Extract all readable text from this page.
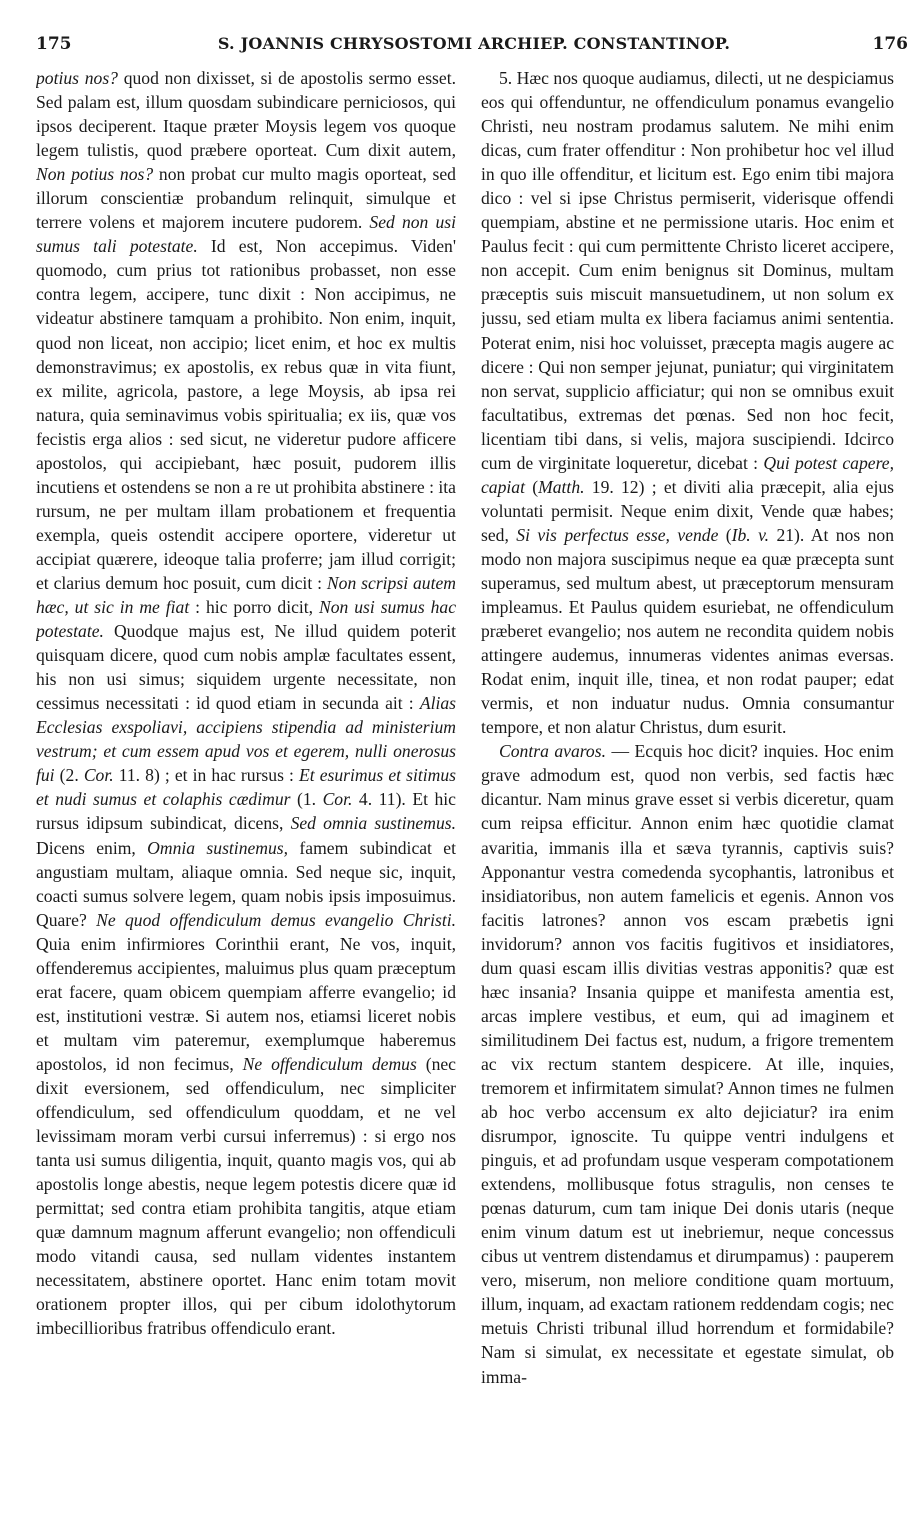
175	S. JOANNIS CHRYSOSTOMI ARCHIEP. CONSTANTINOP.	176

potius nos? quod non dixisset, si de apostolis sermo esset. Sed palam est, illum quosdam subindicare perniciosos, qui ipsos deciperent. Itaque præter Moysis legem vos quoque legem tulistis, quod præbere oporteat. Cum dixit autem, Non potius nos? non probat cur multo magis oporteat, sed illorum conscientiæ probandum relinquit, simulque et terrere volens et majorem incutere pudorem. Sed non usi sumus tali potestate. Id est, Non accepimus. Viden' quomodo, cum prius tot rationibus probasset, non esse contra legem, accipere, tunc dixit : Non accipimus, ne videatur abstinere tamquam a prohibito. Non enim, inquit, quod non liceat, non accipio; licet enim, et hoc ex multis demonstravimus; ex apostolis, ex rebus quæ in vita fiunt, ex milite, agricola, pastore, a lege Moysis, ab ipsa rei natura, quia seminavimus vobis spiritualia; ex iis, quæ vos fecistis erga alios : sed sicut, ne videretur pudore afficere apostolos, qui accipiebant, hæc posuit, pudorem illis incutiens et ostendens se non a re ut prohibita abstinere : ita rursum, ne per multam illam probationem et frequentia exempla, queis ostendit accipere oportere, videretur ut accipiat quærere, ideoque talia proferre; jam illud corrigit; et clarius demum hoc posuit, cum dicit : Non scripsi autem hæc, ut sic in me fiat : hic porro dicit, Non usi sumus hac potestate. Quodque majus est, Ne illud quidem poterit quisquam dicere, quod cum nobis amplæ facultates essent, his non usi simus; siquidem urgente necessitate, non cessimus necessitati : id quod etiam in secunda ait : Alias Ecclesias exspoliavi, accipiens stipendia ad ministerium vestrum; et cum essem apud vos et egerem, nulli onerosus fui (2. Cor. 11. 8) ; et in hac rursus : Et esurimus et sitimus et nudi sumus et colaphis cædimur (1. Cor. 4. 11). Et hic rursus idipsum subindicat, dicens, Sed omnia sustinemus. Dicens enim, Omnia sustinemus, famem subindicat et angustiam multam, aliaque omnia. Sed neque sic, inquit, coacti sumus solvere legem, quam nobis ipsis imposuimus. Quare? Ne quod offendiculum demus evangelio Christi. Quia enim infirmiores Corinthii erant, Ne vos, inquit, offenderemus accipientes, maluimus plus quam præceptum erat facere, quam obicem quempiam afferre evangelio; id est, institutioni vestræ. Si autem nos, etiamsi liceret nobis et multam vim pateremur, exemplumque haberemus apostolos, id non fecimus, Ne offendiculum demus (nec dixit eversionem, sed offendiculum, nec simpliciter offendiculum, sed offendiculum quoddam, et ne vel levissimam moram verbi cursui inferremus) : si ergo nos tanta usi sumus diligentia, inquit, quanto magis vos, qui ab apostolis longe abestis, neque legem potestis dicere quæ id permittat; sed contra etiam prohibita tangitis, atque etiam quæ damnum magnum afferunt evangelio; non offendiculi modo vitandi causa, sed nullam videntes instantem necessitatem, abstinere oportet. Hanc enim totam movit orationem propter illos, qui per cibum idolothytorum imbecillioribus fratribus offendiculo erant.

5. Hæc nos quoque audiamus, dilecti, ut ne despiciamus eos qui offenduntur, ne offendiculum ponamus evangelio Christi, neu nostram prodamus salutem. Ne mihi enim dicas, cum frater offenditur : Non prohibetur hoc vel illud in quo ille offenditur, et licitum est. Ego enim tibi majora dico : vel si ipse Christus permiserit, viderisque offendi quempiam, abstine et ne permissione utaris. Hoc enim et Paulus fecit : qui cum permittente Christo liceret accipere, non accepit. Cum enim benignus sit Dominus, multam præceptis suis miscuit mansuetudinem, ut non solum ex jussu, sed etiam multa ex libera faciamus animi sententia. Poterat enim, nisi hoc voluisset, præcepta magis augere ac dicere : Qui non semper jejunat, puniatur; qui virginitatem non servat, supplicio afficiatur; qui non se omnibus exuit facultatibus, extremas det pœnas. Sed non hoc fecit, licentiam tibi dans, si velis, majora suscipiendi. Idcirco cum de virginitate loqueretur, dicebat : Qui potest capere, capiat (Matth. 19. 12) ; et diviti alia præcepit, alia ejus voluntati permisit. Neque enim dixit, Vende quæ habes; sed, Si vis perfectus esse, vende (Ib. v. 21). At nos non modo non majora suscipimus neque ea quæ præcepta sunt superamus, sed multum abest, ut præceptorum mensuram impleamus. Et Paulus quidem esuriebat, ne offendiculum præberet evangelio; nos autem ne recondita quidem nobis attingere audemus, innumeras videntes animas eversas. Rodat enim, inquit ille, tinea, et non rodat pauper; edat vermis, et non induatur nudus. Omnia consumantur tempore, et non alatur Christus, dum esurit.

Contra avaros. — Ecquis hoc dicit? inquies. Hoc enim grave admodum est, quod non verbis, sed factis hæc dicantur. Nam minus grave esset si verbis diceretur, quam cum reipsa efficitur. Annon enim hæc quotidie clamat avaritia, immanis illa et sæva tyrannis, captivis suis? Apponantur vestra comedenda sycophantis, latronibus et insidiatoribus, non autem famelicis et egenis. Annon vos facitis latrones? annon vos escam præbetis igni invidorum? annon vos facitis fugitivos et insidiatores, dum quasi escam illis divitias vestras apponitis? quæ est hæc insania? Insania quippe et manifesta amentia est, arcas implere vestibus, et eum, qui ad imaginem et similitudinem Dei factus est, nudum, a frigore trementem ac vix rectum stantem despicere. At ille, inquies, tremorem et infirmitatem simulat? Annon times ne fulmen ab hoc verbo accensum ex alto dejiciatur? ira enim disrumpor, ignoscite. Tu quippe ventri indulgens et pinguis, et ad profundam usque vesperam compotationem extendens, mollibusque fotus stragulis, non censes te pœnas daturum, cum tam inique Dei donis utaris (neque enim vinum datum est ut inebriemur, neque concessus cibus ut ventrem distendamus et dirumpamus) : pauperem vero, miserum, non meliore conditione quam mortuum, illum, inquam, ad exactam rationem reddendam cogis; nec metuis Christi tribunal illud horrendum et formidabile? Nam si simulat, ex necessitate et egestate simulat, ob imma-
